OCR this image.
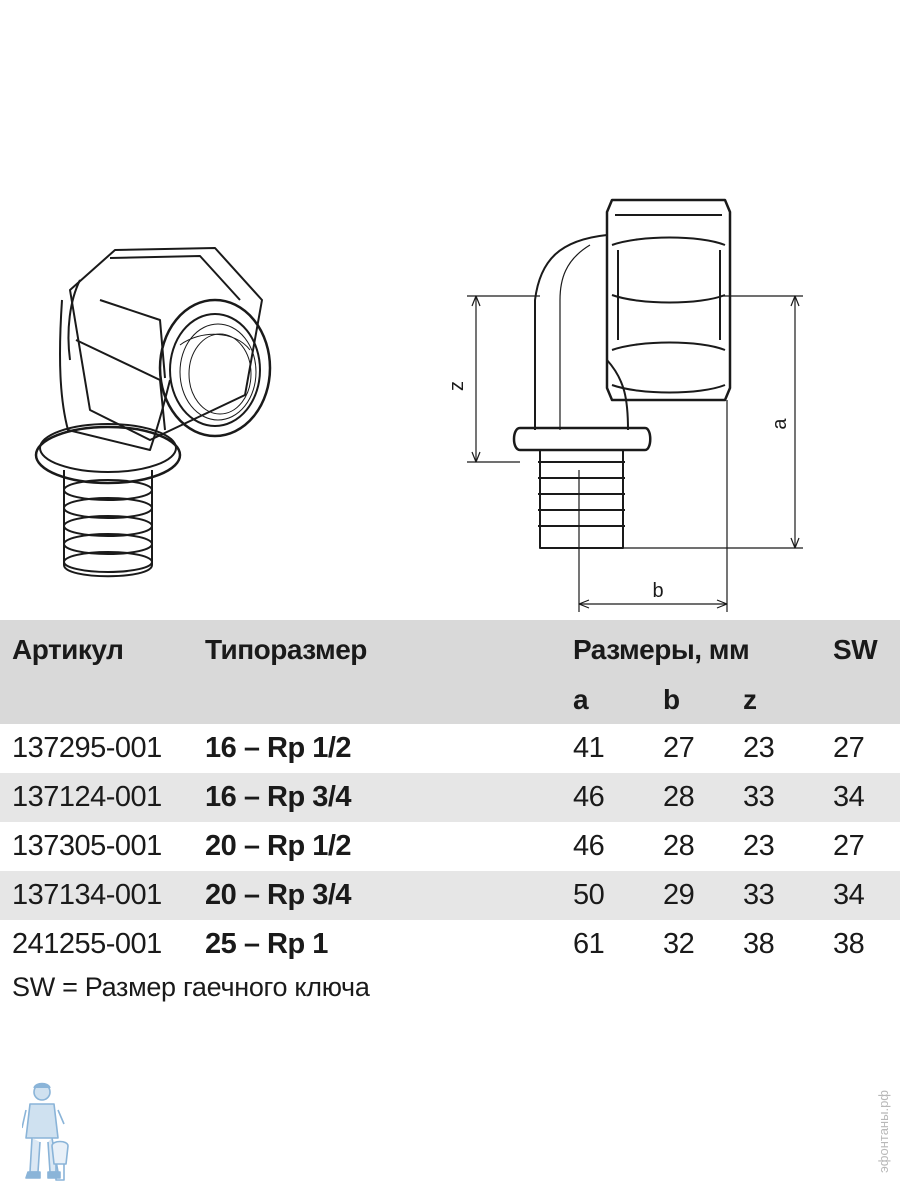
z
a
b
Артикул	Типоразмер	Размеры, мм			SW
		a	b	z	
137295-001	16 – Rp 1/2	41	27	23	27
137124-001	16 – Rp 3/4	46	28	33	34
137305-001	20 – Rp 1/2	46	28	23	27
137134-001	20 – Rp 3/4	50	29	33	34
241255-001	25 – Rp 1	61	32	38	38
SW = Размер гаечного ключа
эфонтаны.рф
